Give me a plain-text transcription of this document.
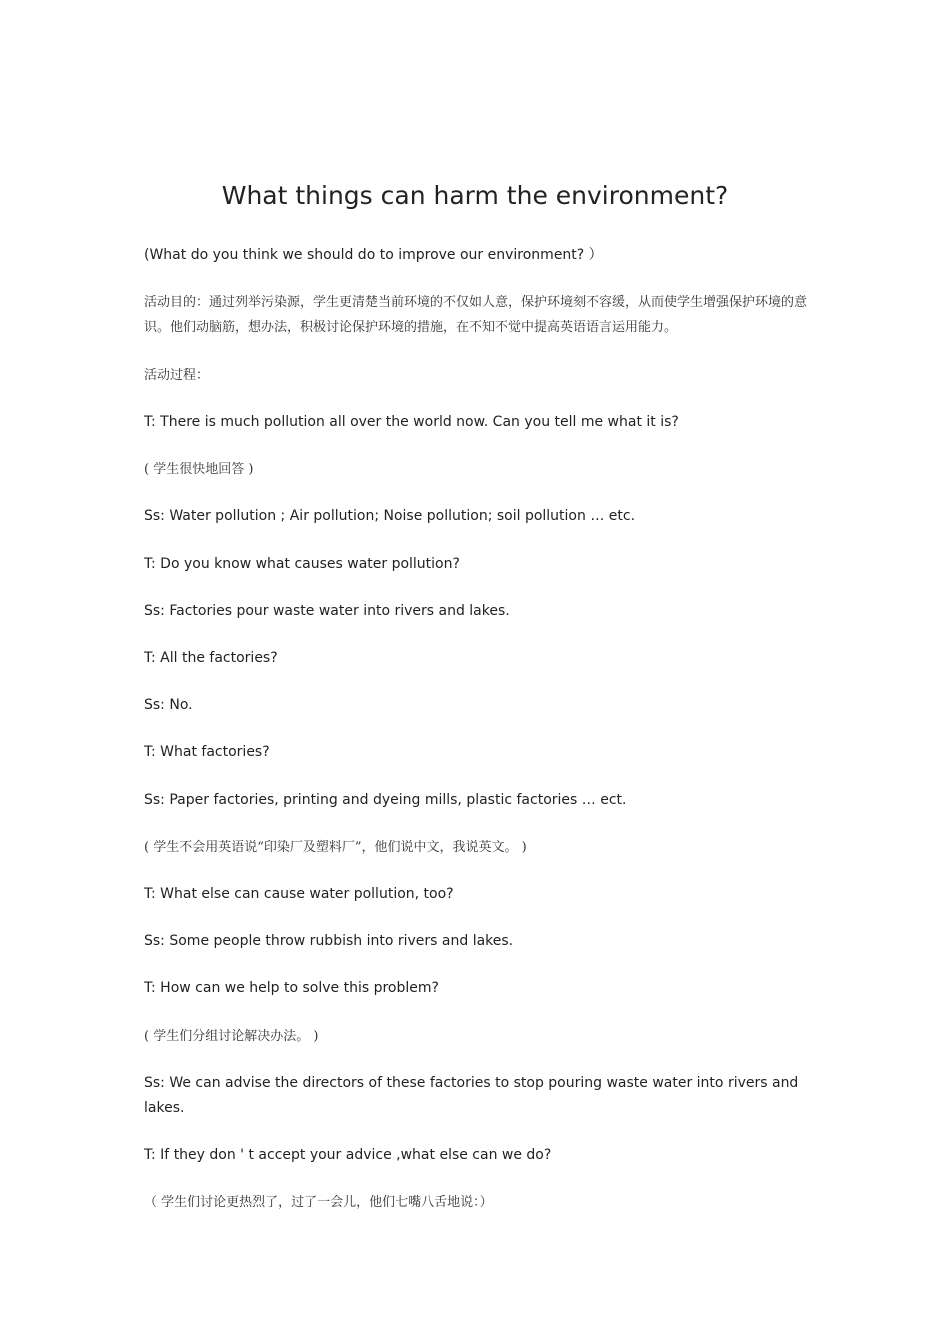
What things can harm the environment?

(What do you think we should do to improve our environment? ）

活动目的：通过列举污染源，学生更清楚当前环境的不仅如人意，保护环境刻不容缓，从而使学生增强保护环境的意识。他们动脑筋，想办法，积极讨论保护环境的措施，在不知不觉中提高英语语言运用能力。

活动过程：

T: There is much pollution all over the world now. Can you tell me what it is?

( 学生很快地回答 )

Ss: Water pollution ; Air pollution; Noise pollution; soil pollution … etc.

T: Do you know what causes water pollution?

Ss: Factories pour waste water into rivers and lakes.

T: All the factories?

Ss: No.

T: What factories?

Ss: Paper factories, printing and dyeing mills, plastic factories … ect.

( 学生不会用英语说“印染厂及塑料厂”，他们说中文，我说英文。 )

T: What else can cause water pollution, too?

Ss: Some people throw rubbish into rivers and lakes.

T: How can we help to solve this problem?

( 学生们分组讨论解决办法。 )

Ss: We can advise the directors of these factories to stop pouring waste water into rivers and lakes.

T: If they don ' t accept your advice ,what else can we do?

（ 学生们讨论更热烈了，过了一会儿，他们七嘴八舌地说：）
